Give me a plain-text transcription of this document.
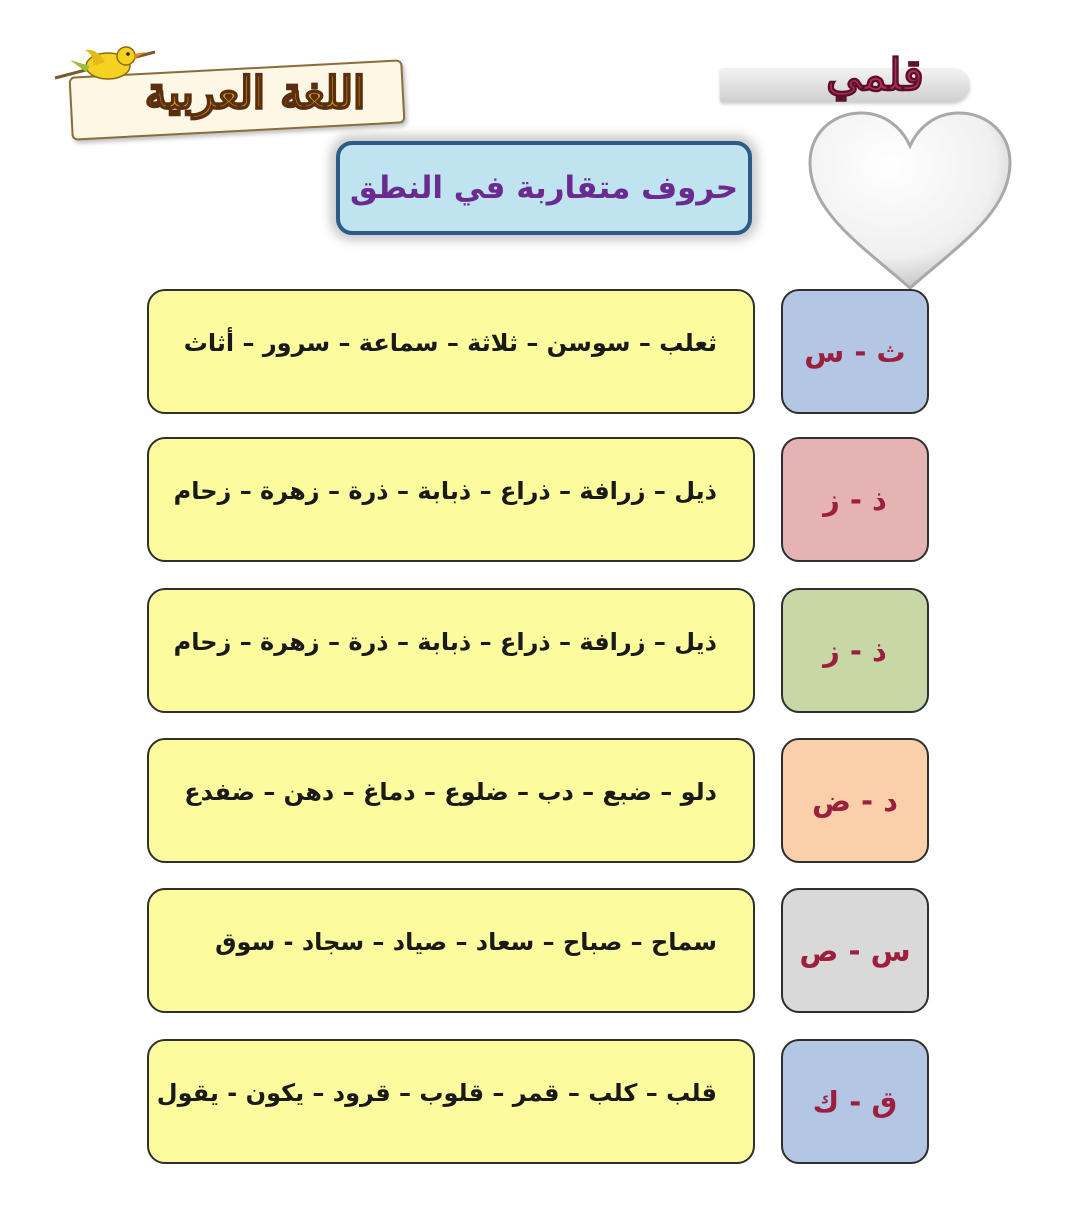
اللغة العربية	قلمي
حروف متقاربة في النطق
ثعلب – سوسن – ثلاثة – سماعة – سرور – أثاث	ث - س
ذيل – زرافة – ذراع – ذبابة – ذرة – زهرة – زحام	ذ - ز
ذيل – زرافة – ذراع – ذبابة – ذرة – زهرة – زحام	ذ - ز
دلو – ضبع – دب – ضلوع – دماغ – دهن – ضفدع	د - ض
سماح – صباح – سعاد – صياد – سجاد - سوق	س - ص
قلب – كلب – قمر – قلوب – قرود – يكون - يقول	ق - ك
